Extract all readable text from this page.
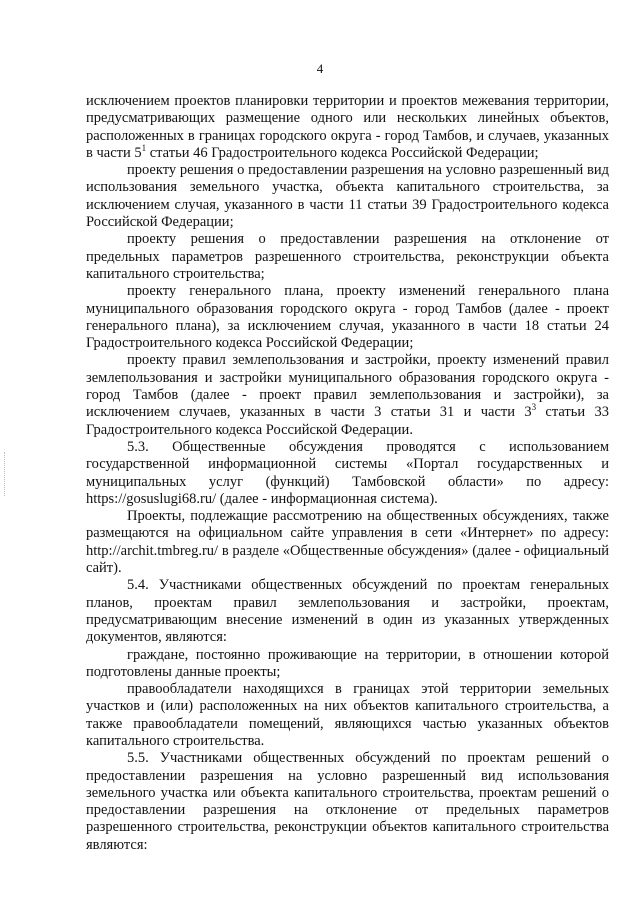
4

исключением проектов планировки территории и проектов межевания территории, предусматривающих размещение одного или нескольких линейных объектов, расположенных в границах городского округа - город Тамбов, и случаев, указанных в части $5^1$ статьи 46 Градостроительного кодекса Российской Федерации;

проекту решения о предоставлении разрешения на условно разрешенный вид использования земельного участка, объекта капитального строительства, за исключением случая, указанного в части 11 статьи 39 Градостроительного кодекса Российской Федерации;

проекту решения о предоставлении разрешения на отклонение от предельных параметров разрешенного строительства, реконструкции объекта капитального строительства;

проекту генерального плана, проекту изменений генерального плана муниципального образования городского округа - город Тамбов (далее - проект генерального плана), за исключением случая, указанного в части 18 статьи 24 Градостроительного кодекса Российской Федерации;

проекту правил землепользования и застройки, проекту изменений правил землепользования и застройки муниципального образования городского округа - город Тамбов (далее - проект правил землепользования и застройки), за исключением случаев, указанных в части 3 статьи 31 и части $3^3$ статьи 33 Градостроительного кодекса Российской Федерации.

5.3. Общественные обсуждения проводятся с использованием государственной информационной системы «Портал государственных и муниципальных услуг (функций) Тамбовской области» по адресу: https://gosuslugi68.ru/ (далее - информационная система).

Проекты, подлежащие рассмотрению на общественных обсуждениях, также размещаются на официальном сайте управления в сети «Интернет» по адресу: http://archit.tmbreg.ru/ в разделе «Общественные обсуждения» (далее - официальный сайт).

5.4. Участниками общественных обсуждений по проектам генеральных планов, проектам правил землепользования и застройки, проектам, предусматривающим внесение изменений в один из указанных утвержденных документов, являются:

граждане, постоянно проживающие на территории, в отношении которой подготовлены данные проекты;

правообладатели находящихся в границах этой территории земельных участков и (или) расположенных на них объектов капитального строительства, а также правообладатели помещений, являющихся частью указанных объектов капитального строительства.

5.5. Участниками общественных обсуждений по проектам решений о предоставлении разрешения на условно разрешенный вид использования земельного участка или объекта капитального строительства, проектам решений о предоставлении разрешения на отклонение от предельных параметров разрешенного строительства, реконструкции объектов капитального строительства являются:
